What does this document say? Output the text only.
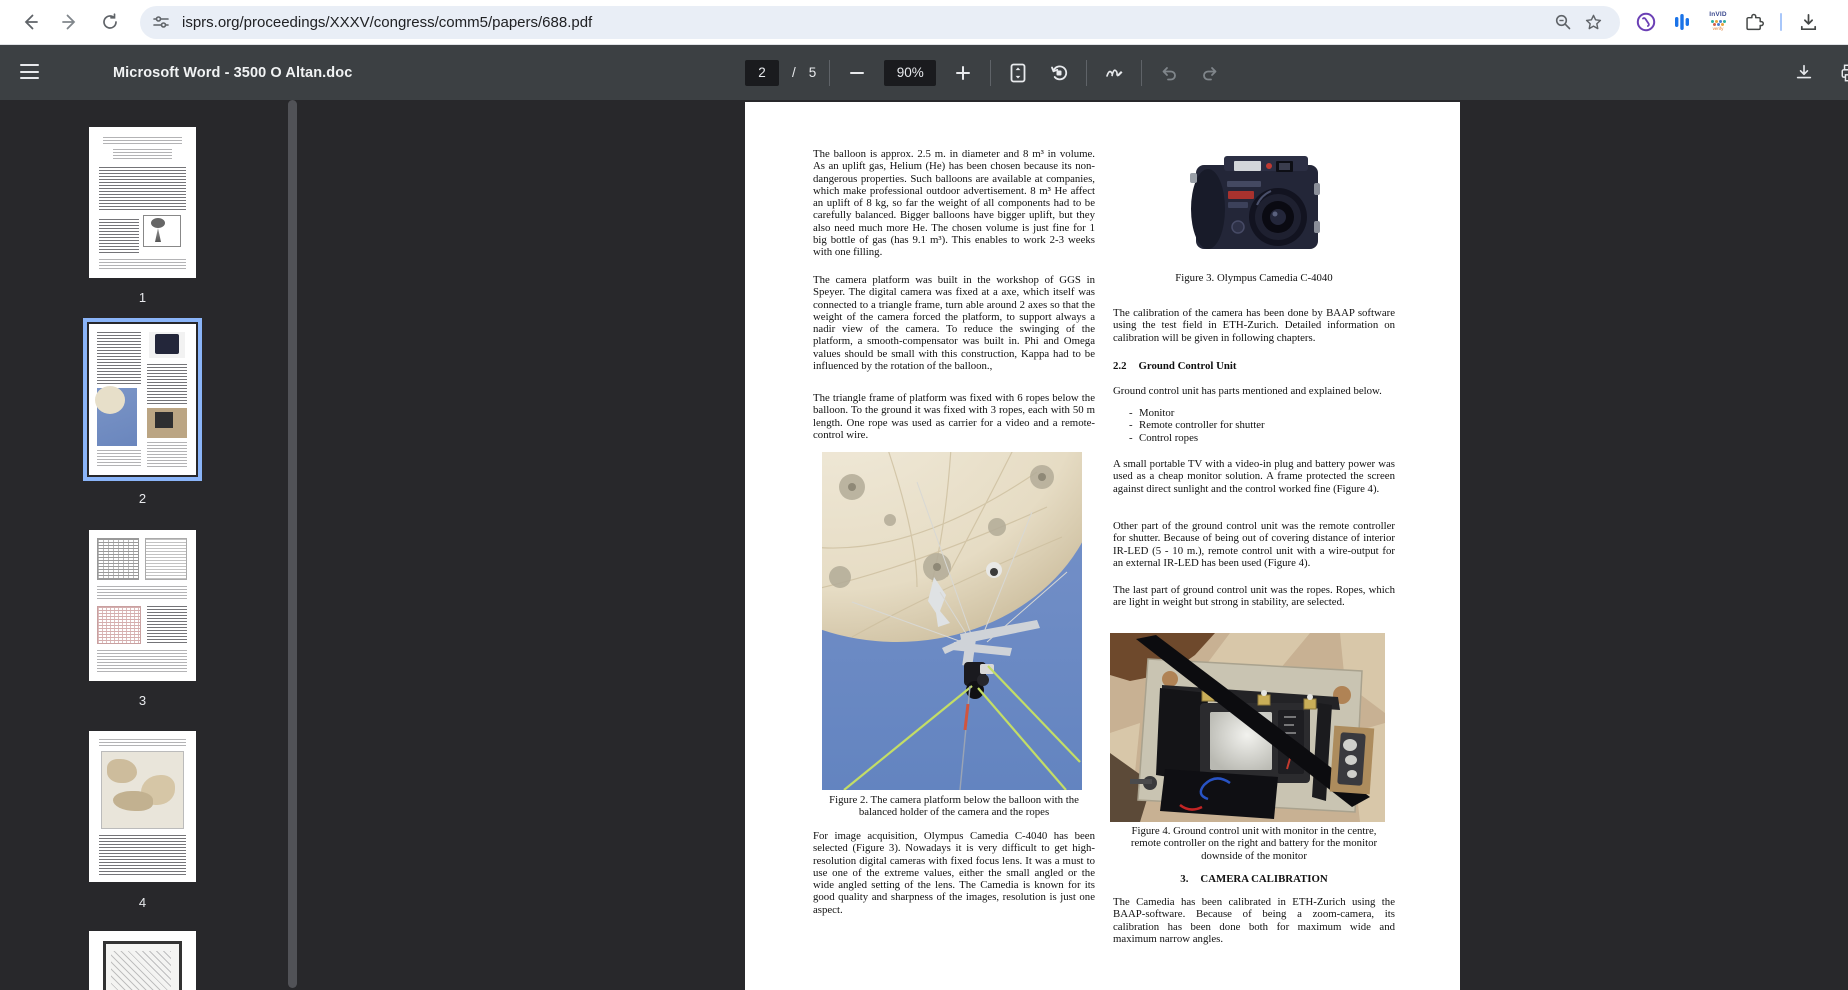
isprs.org/proceedings/XXXV/congress/comm5/papers/688.pdf	InVID
verify
Microsoft Word - 3500 O Altan.doc	2	/ 5	90%
1
2
3
4
The balloon is approx. 2.5 m. in diameter and 8 m³ in volume. As an uplift gas, Helium (He) has been chosen because its non-dangerous properties. Such balloons are available at companies, which make professional outdoor advertisement. 8 m³ He affect an uplift of 8 kg, so far the weight of all components had to be carefully balanced. Bigger balloons have bigger uplift, but they also need much more He. The chosen volume is just fine for 1 big bottle of gas (has 9.1 m³). This enables to work 2-3 weeks with one filling.
The camera platform was built in the workshop of GGS in Speyer. The digital camera was fixed at a axe, which itself was connected to a triangle frame, turn able around 2 axes so that the weight of the camera forced the platform, to support always a nadir view of the camera. To reduce the swinging of the platform, a smooth-compensator was built in. Phi and Omega values should be small with this construction, Kappa had to be influenced by the rotation of the balloon.,
The triangle frame of platform was fixed with 6 ropes below the balloon. To the ground it was fixed with 3 ropes, each with 50 m length. One rope was used as carrier for a video and a remote-control wire.
Figure 2. The camera platform below the balloon with the balanced holder of the camera and the ropes
For image acquisition, Olympus Camedia C-4040 has been selected (Figure 3). Nowadays it is very difficult to get high-resolution digital cameras with fixed focus lens. It was a must to use one of the extreme values, either the small angled or the wide angled setting of the lens. The Camedia is known for its good quality and sharpness of the images, resolution is just one aspect.
Figure 3. Olympus Camedia C-4040
The calibration of the camera has been done by BAAP software using the test field in ETH-Zurich. Detailed information on calibration will be given in following chapters.
2.2 Ground Control Unit
Ground control unit has parts mentioned and explained below.
- Monitor
- Remote controller for shutter
- Control ropes
A small portable TV with a video-in plug and battery power was used as a cheap monitor solution. A frame protected the screen against direct sunlight and the control worked fine (Figure 4).
Other part of the ground control unit was the remote controller for shutter. Because of being out of covering distance of interior IR-LED (5 - 10 m.), remote control unit with a wire-output for an external IR-LED has been used (Figure 4).
The last part of ground control unit was the ropes. Ropes, which are light in weight but strong in stability, are selected.
Figure 4. Ground control unit with monitor in the centre, remote controller on the right and battery for the monitor downside of the monitor
3. CAMERA CALIBRATION
The Camedia has been calibrated in ETH-Zurich using the BAAP-software. Because of being a zoom-camera, its calibration has been done both for maximum wide and maximum narrow angles.
